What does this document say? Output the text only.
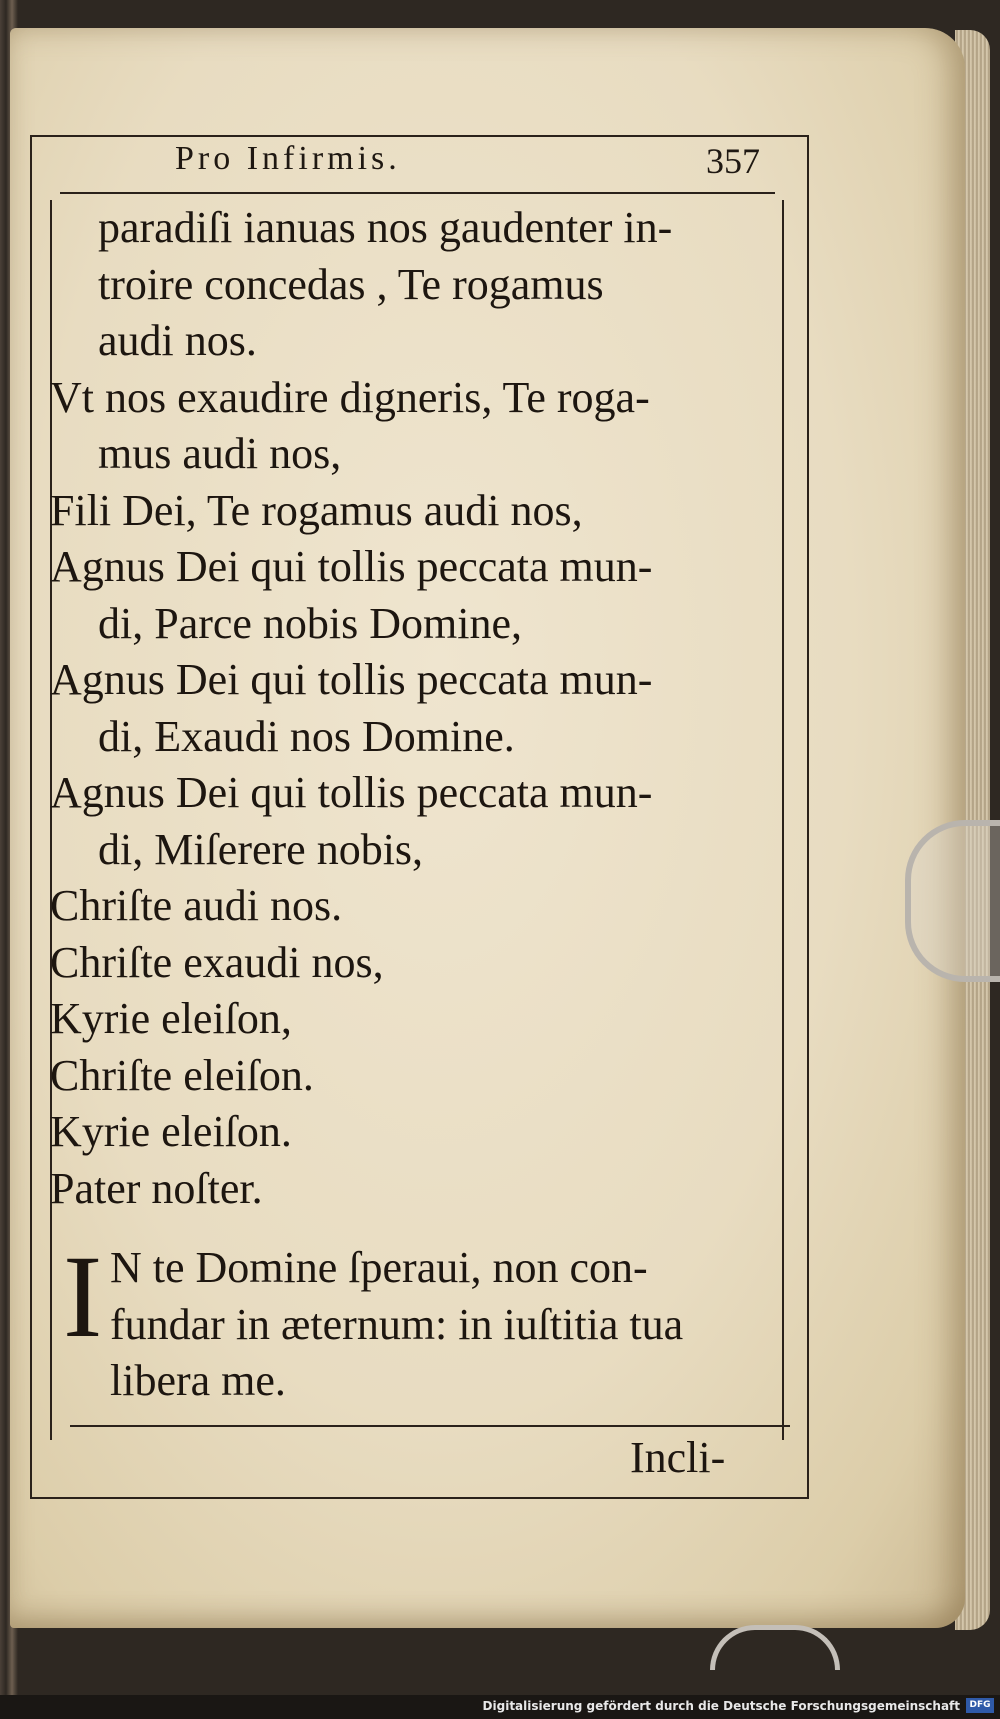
Pro Infirmis.	357
paradiſi ianuas nos gaudenter in-
troire concedas , Te rogamus
audi nos.
Vt nos exaudire digneris, Te roga-
mus audi nos,
Fili Dei, Te rogamus audi nos,
Agnus Dei qui tollis peccata mun-
di, Parce nobis Domine,
Agnus Dei qui tollis peccata mun-
di, Exaudi nos Domine.
Agnus Dei qui tollis peccata mun-
di, Miſerere nobis,
Chriſte audi nos.
Chriſte exaudi nos,
Kyrie eleiſon,
Chriſte eleiſon.
Kyrie eleiſon.
Pater noſter.
I N te Domine ſperaui, non con-
fundar in æternum: in iuſtitia tua
libera me.
Incli-
Digitalisierung gefördert durch die Deutsche Forschungsgemeinschaft	DFG
